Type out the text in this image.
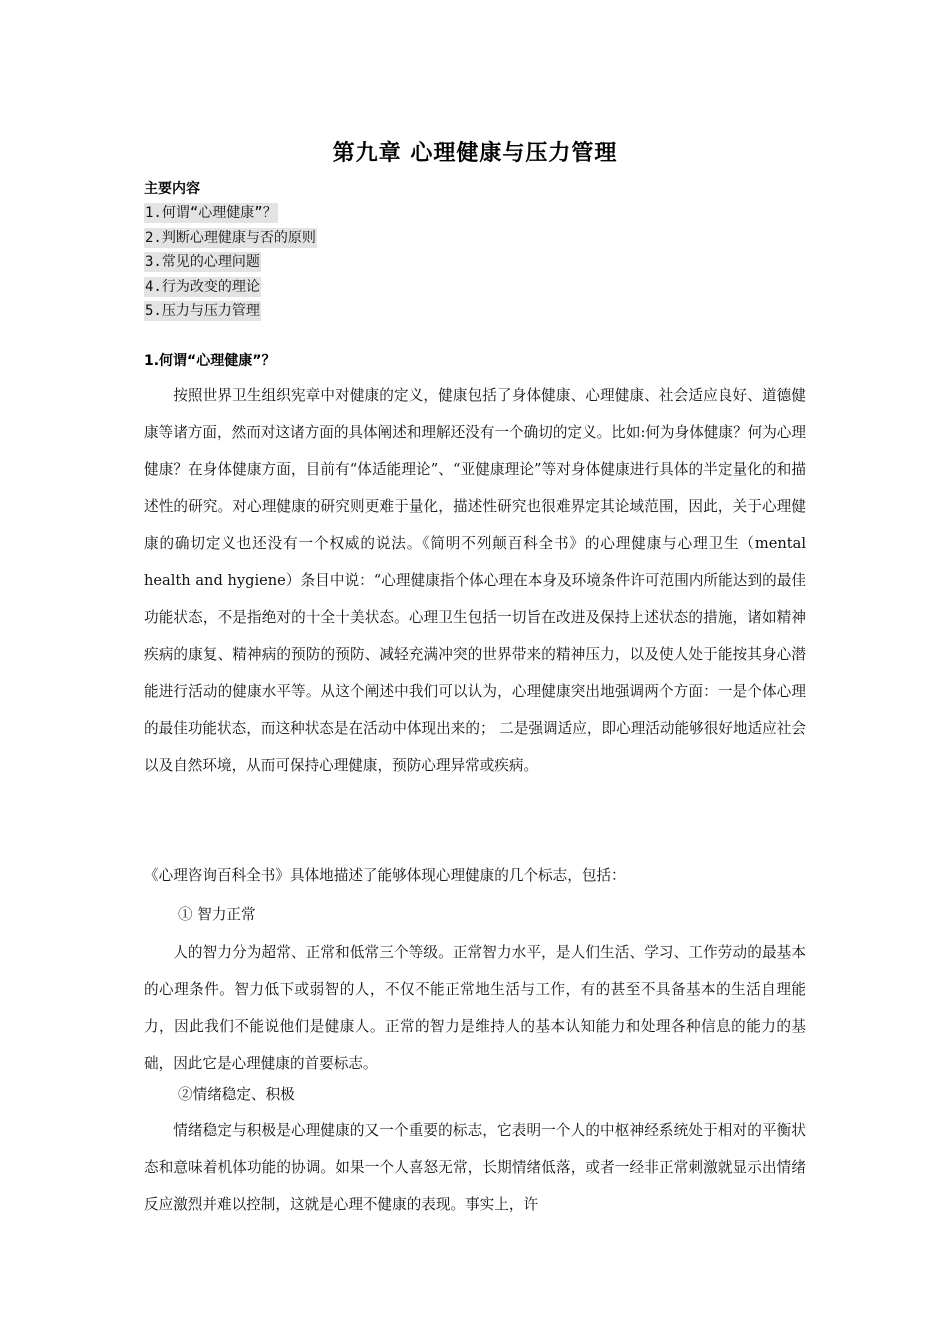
第九章 心理健康与压力管理
主要内容
1.何谓“心理健康”？
2.判断心理健康与否的原则
3.常见的心理问题
4.行为改变的理论
5.压力与压力管理
1.何谓“心理健康”？

按照世界卫生组织宪章中对健康的定义，健康包括了身体健康、心理健康、社会适应良好、道德健康等诸方面，然而对这诸方面的具体阐述和理解还没有一个确切的定义。比如:何为身体健康？何为心理健康？在身体健康方面，目前有“体适能理论”、“亚健康理论”等对身体健康进行具体的半定量化的和描述性的研究。对心理健康的研究则更难于量化，描述性研究也很难界定其论域范围，因此，关于心理健康的确切定义也还没有一个权威的说法。《简明不列颠百科全书》的心理健康与心理卫生（mental health and hygiene）条目中说：“心理健康指个体心理在本身及环境条件许可范围内所能达到的最佳功能状态，不是指绝对的十全十美状态。心理卫生包括一切旨在改进及保持上述状态的措施，诸如精神疾病的康复、精神病的预防的预防、减轻充满冲突的世界带来的精神压力，以及使人处于能按其身心潜能进行活动的健康水平等。从这个阐述中我们可以认为，心理健康突出地强调两个方面：一是个体心理的最佳功能状态，而这种状态是在活动中体现出来的； 二是强调适应，即心理活动能够很好地适应社会以及自然环境，从而可保持心理健康，预防心理异常或疾病。

《心理咨询百科全书》具体地描述了能够体现心理健康的几个标志，包括：

① 智力正常

人的智力分为超常、正常和低常三个等级。正常智力水平，是人们生活、学习、工作劳动的最基本的心理条件。智力低下或弱智的人，不仅不能正常地生活与工作，有的甚至不具备基本的生活自理能力，因此我们不能说他们是健康人。正常的智力是维持人的基本认知能力和处理各种信息的能力的基础，因此它是心理健康的首要标志。

②情绪稳定、积极

情绪稳定与积极是心理健康的又一个重要的标志，它表明一个人的中枢神经系统处于相对的平衡状态和意味着机体功能的协调。如果一个人喜怒无常，长期情绪低落，或者一经非正常刺激就显示出情绪反应激烈并难以控制，这就是心理不健康的表现。事实上，许
